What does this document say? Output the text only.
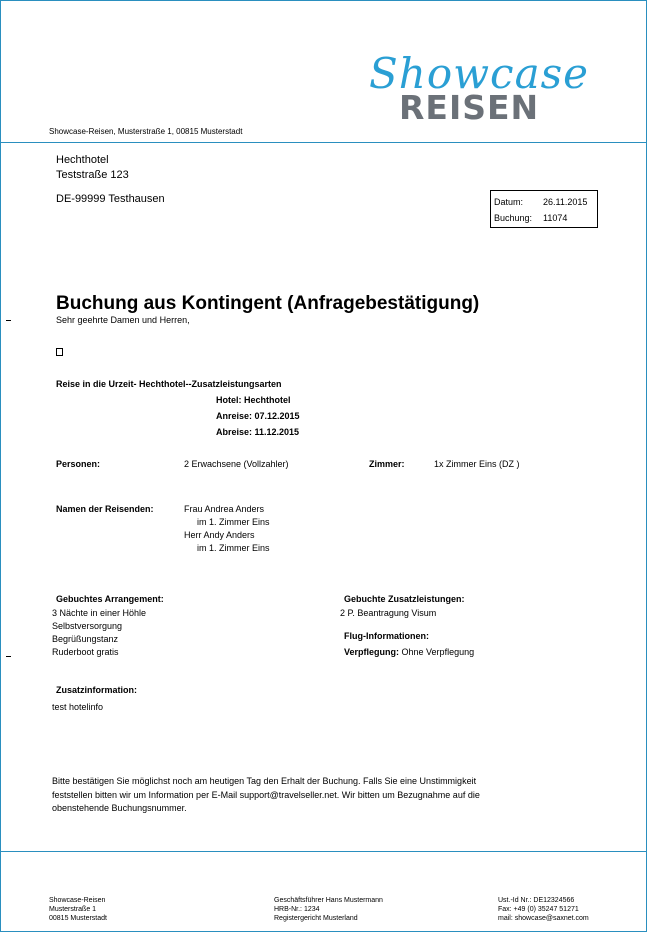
Showcase
REISEN
Showcase-Reisen, Musterstraße 1, 00815 Musterstadt
Hechthotel
Teststraße 123
DE-99999 Testhausen	Datum: 26.11.2015
Buchung: 11074
Buchung aus Kontingent (Anfragebestätigung)
Sehr geehrte Damen und Herren,
Reise in die Urzeit- Hechthotel--Zusatzleistungsarten
Hotel: Hechthotel
Anreise: 07.12.2015
Abreise: 11.12.2015
Personen:	2 Erwachsene (Vollzahler)	Zimmer:	1x Zimmer Eins (DZ )
Namen der Reisenden:	Frau Andrea Anders
im 1. Zimmer Eins
Herr Andy Anders
im 1. Zimmer Eins
Gebuchtes Arrangement:
3 Nächte in einer Höhle
Selbstversorgung
Begrüßungstanz
Ruderboot gratis
Gebuchte Zusatzleistungen:
2 P. Beantragung Visum
Flug-Informationen:
Verpflegung: Ohne Verpflegung
Zusatzinformation:
test hotelinfo
Bitte bestätigen Sie möglichst noch am heutigen Tag den Erhalt der Buchung. Falls Sie eine Unstimmigkeit
feststellen bitten wir um Information per E-Mail support@travelseller.net. Wir bitten um Bezugnahme auf die
obenstehende Buchungsnummer.
Showcase-Reisen
Musterstraße 1
00815 Musterstadt
Geschäftsführer Hans Mustermann
HRB-Nr.: 1234
Registergericht Musterland
Ust.-Id Nr.: DE12324566
Fax: +49 (0) 35247 51271
mail: showcase@saxnet.com
